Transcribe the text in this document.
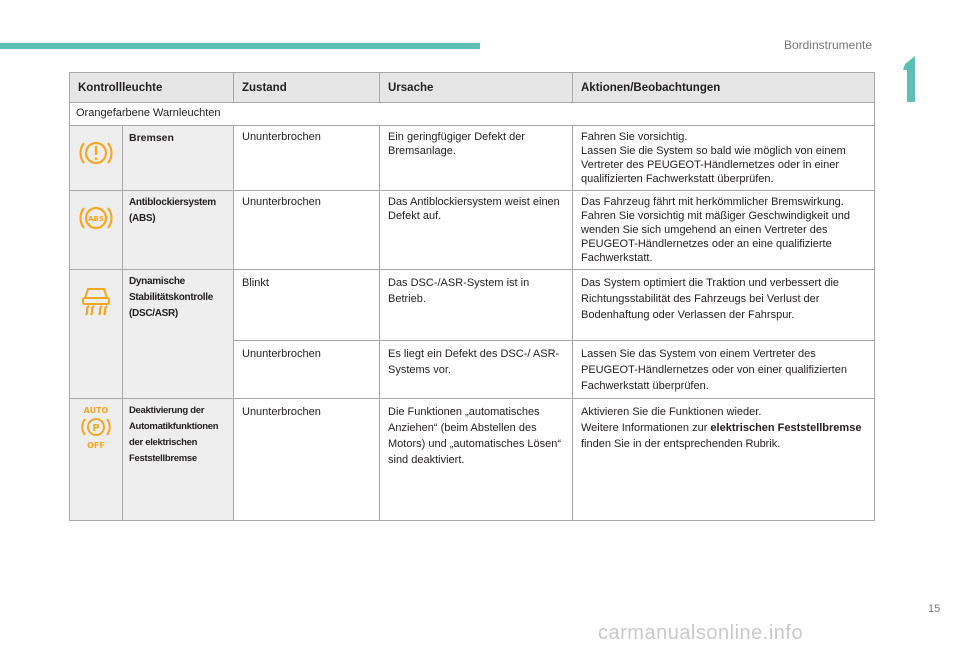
Bordinstrumente
Kontrollleuchte		Zustand	Ursache	Aktionen/Beobachtungen
Orangefarbene Warnleuchten				

	Bremsen	Ununterbrochen	Ein geringfügiger Defekt der Bremsanlage.	Fahren Sie vorsichtig.
Lassen Sie die System so bald wie möglich von einem Vertreter des PEUGEOT-Händlernetzes oder in einer qualifizierten Fachwerkstatt überprüfen.

ABS	Antiblockiersystem (ABS)	Ununterbrochen	Das Antiblockiersystem weist einen Defekt auf.	Das Fahrzeug fährt mit herkömmlicher Bremswirkung. Fahren Sie vorsichtig mit mäßiger Geschwindigkeit und wenden Sie sich umgehend an einen Vertreter des PEUGEOT-Händlernetzes oder an eine qualifizierte Fachwerkstatt.

	Dynamische Stabilitätskontrolle (DSC/ASR)	Blinkt	Das DSC-/ASR-System ist in Betrieb.	Das System optimiert die Traktion und verbessert die Richtungsstabilität des Fahrzeugs bei Verlust der Bodenhaftung oder Verlassen der Fahrspur.
		Ununterbrochen	Es liegt ein Defekt des DSC-/ ASR-Systems vor.	Lassen Sie das System von einem Vertreter des PEUGEOT-Händlernetzes oder von einer qualifizierten Fachwerkstatt überprüfen.

AUTO
P
OFF	Deaktivierung der Automatikfunktionen der elektrischen Feststellbremse	Ununterbrochen	Die Funktionen „automatisches Anziehen“ (beim Abstellen des Motors) und „automatisches Lösen“ sind deaktiviert.	Aktivieren Sie die Funktionen wieder.
Weitere Informationen zur elektrischen Feststellbremse finden Sie in der entsprechenden Rubrik.
15
carmanualsonline.info
